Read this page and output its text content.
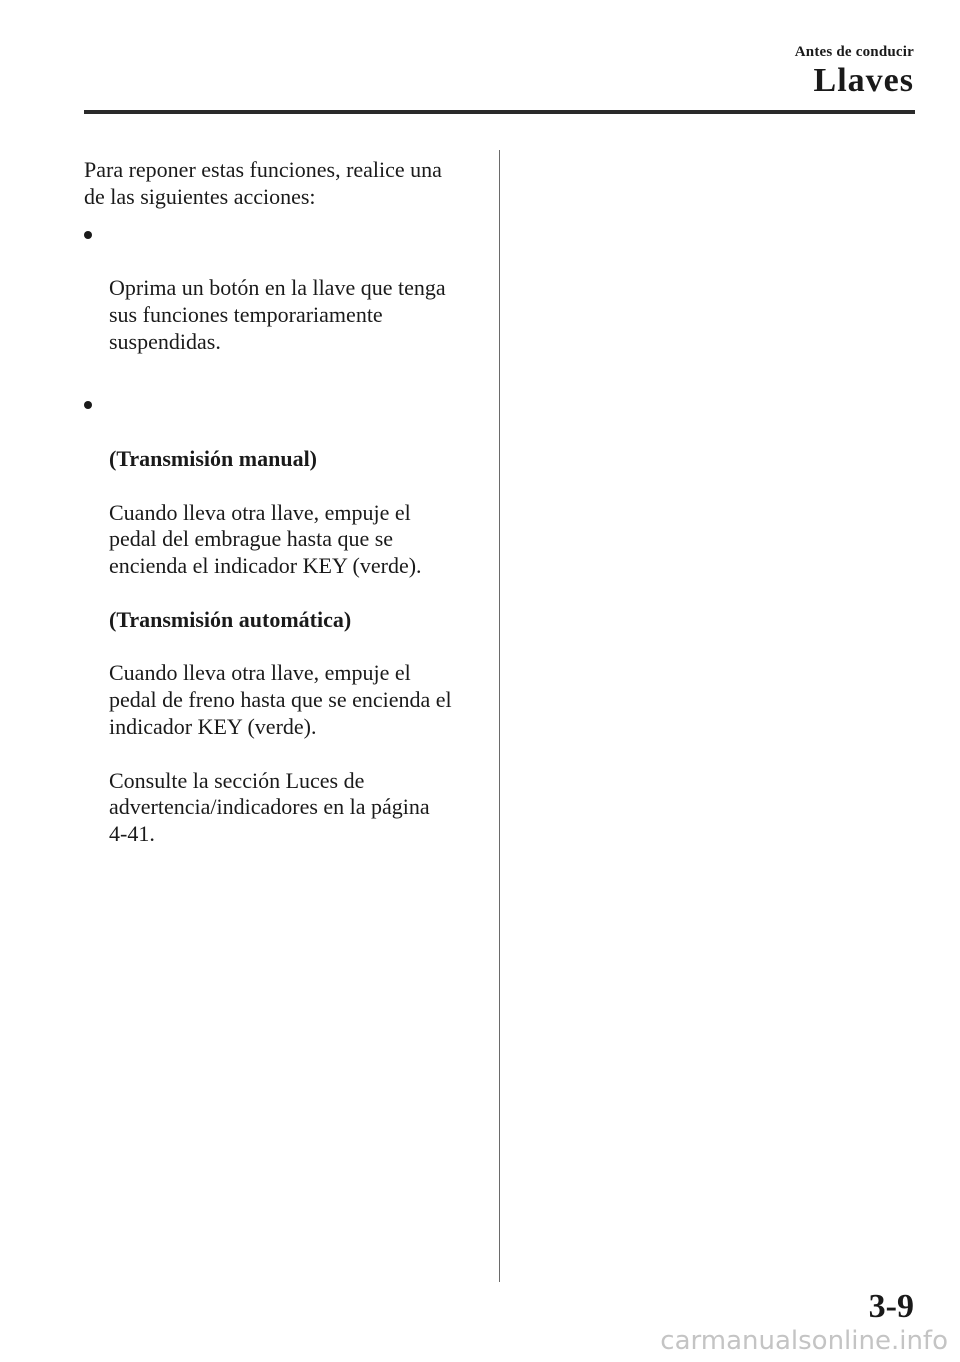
Antes de conducir
Llaves

Para reponer estas funciones, realice una
de las siguientes acciones:

Oprima un botón en la llave que tenga
sus funciones temporariamente
suspendidas.

(Transmisión manual)

Cuando lleva otra llave, empuje el
pedal del embrague hasta que se
encienda el indicador KEY (verde).

(Transmisión automática)

Cuando lleva otra llave, empuje el
pedal de freno hasta que se encienda el
indicador KEY (verde).

Consulte la sección Luces de
advertencia/indicadores en la página
4-41.

3-9
carmanualsonline.info
